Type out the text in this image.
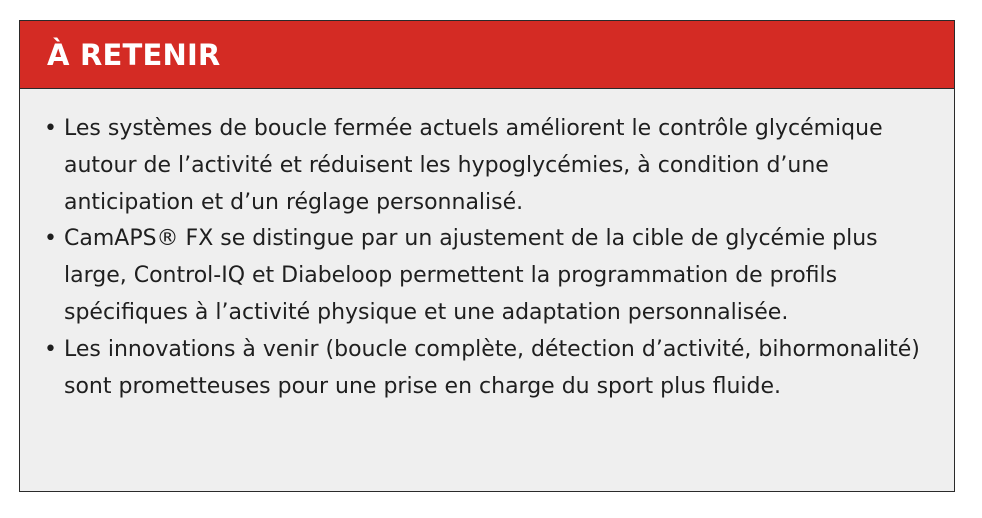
À RETENIR
• Les systèmes de boucle fermée actuels améliorent le contrôle glycémique autour de l’activité et réduisent les hypoglycémies, à condition d’une anticipation et d’un réglage personnalisé.
• CamAPS® FX se distingue par un ajustement de la cible de glycémie plus large, Control-IQ et Diabeloop permettent la programmation de profils spécifiques à l’activité physique et une adaptation personnalisée.
• Les innovations à venir (boucle complète, détection d’activité, bihormonalité) sont prometteuses pour une prise en charge du sport plus fluide.
